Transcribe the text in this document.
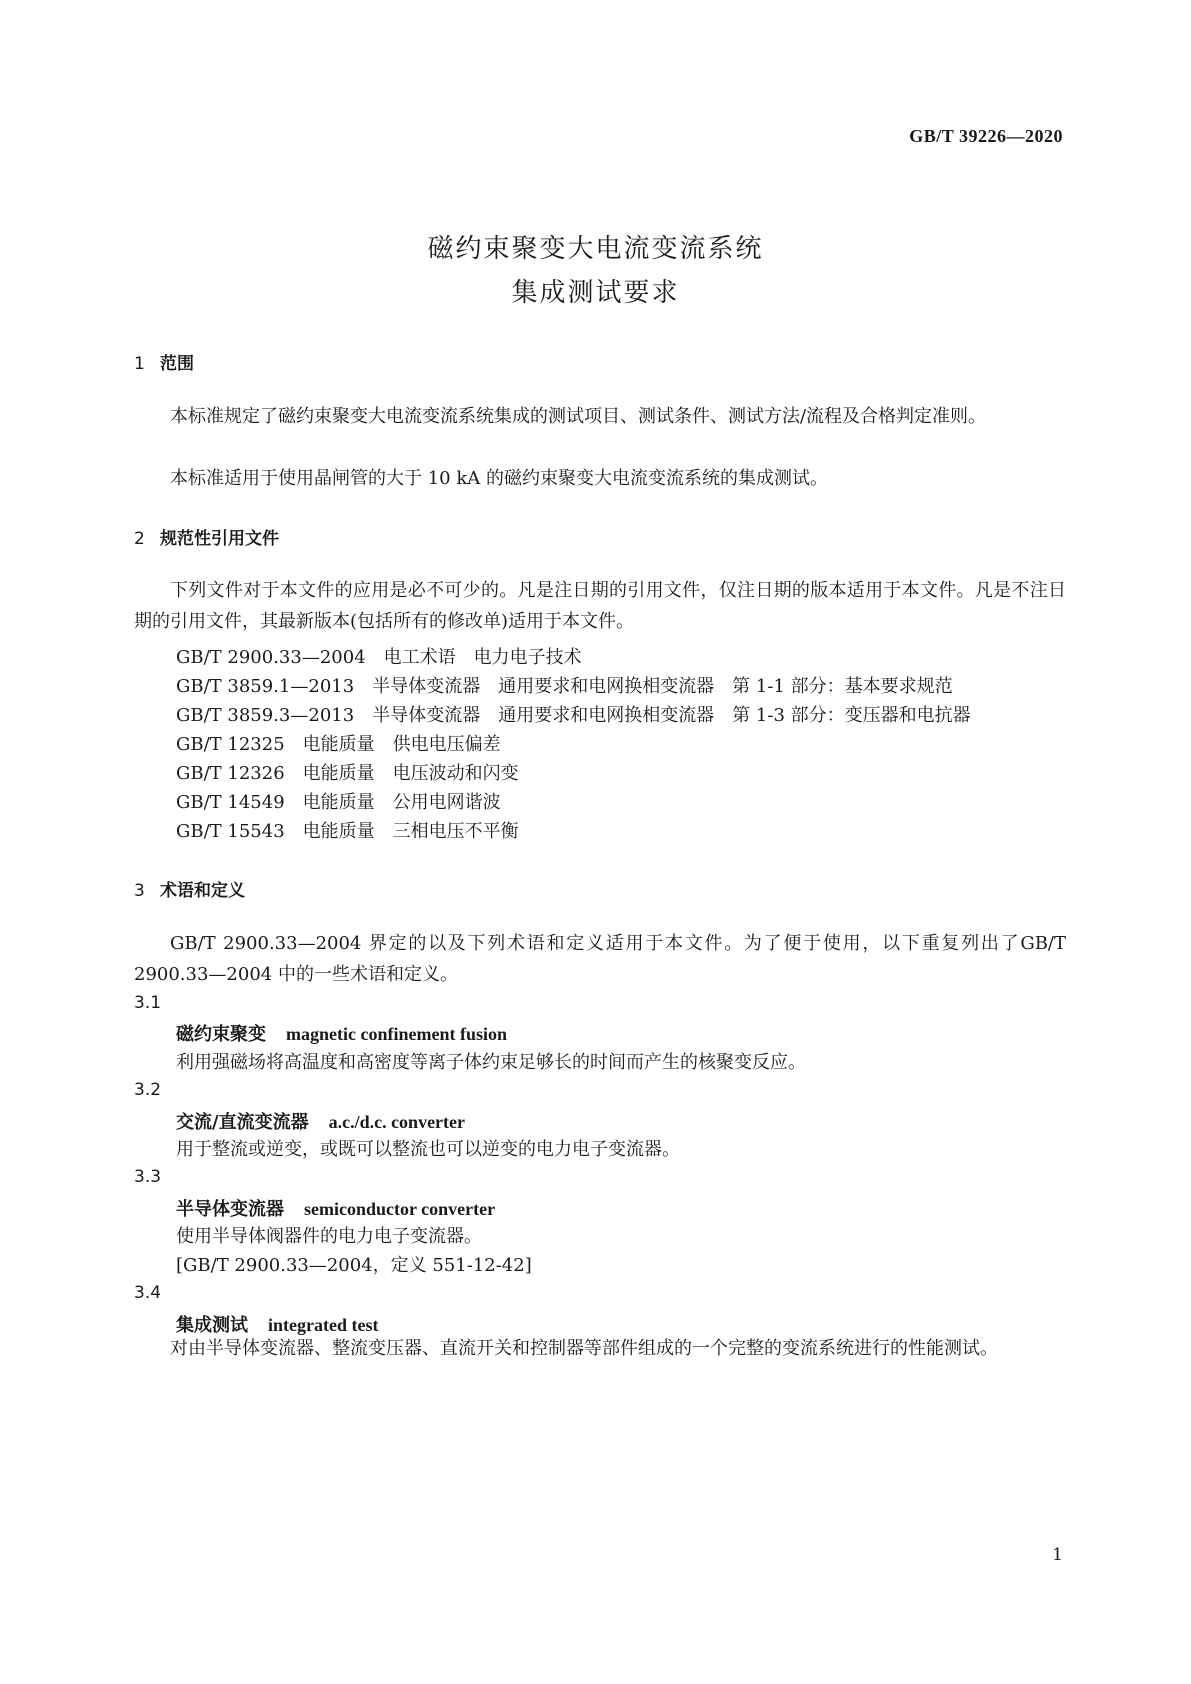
GB/T 39226—2020
磁约束聚变大电流变流系统
集成测试要求
1 范围
本标准规定了磁约束聚变大电流变流系统集成的测试项目、测试条件、测试方法/流程及合格判定准则。
本标准适用于使用晶闸管的大于 10 kA 的磁约束聚变大电流变流系统的集成测试。
2 规范性引用文件
下列文件对于本文件的应用是必不可少的。凡是注日期的引用文件，仅注日期的版本适用于本文件。凡是不注日期的引用文件，其最新版本(包括所有的修改单)适用于本文件。
GB/T 2900.33—2004　电工术语　电力电子技术
GB/T 3859.1—2013　半导体变流器　通用要求和电网换相变流器　第 1-1 部分：基本要求规范
GB/T 3859.3—2013　半导体变流器　通用要求和电网换相变流器　第 1-3 部分：变压器和电抗器
GB/T 12325　电能质量　供电电压偏差
GB/T 12326　电能质量　电压波动和闪变
GB/T 14549　电能质量　公用电网谐波
GB/T 15543　电能质量　三相电压不平衡
3 术语和定义
GB/T 2900.33—2004 界定的以及下列术语和定义适用于本文件。为了便于使用，以下重复列出了GB/T 2900.33—2004 中的一些术语和定义。
3.1
磁约束聚变 magnetic confinement fusion
利用强磁场将高温度和高密度等离子体约束足够长的时间而产生的核聚变反应。
3.2
交流/直流变流器 a.c./d.c. converter
用于整流或逆变，或既可以整流也可以逆变的电力电子变流器。
3.3
半导体变流器 semiconductor converter
使用半导体阀器件的电力电子变流器。
[GB/T 2900.33—2004，定义 551-12-42]
3.4
集成测试 integrated test
对由半导体变流器、整流变压器、直流开关和控制器等部件组成的一个完整的变流系统进行的性能测试。
1
